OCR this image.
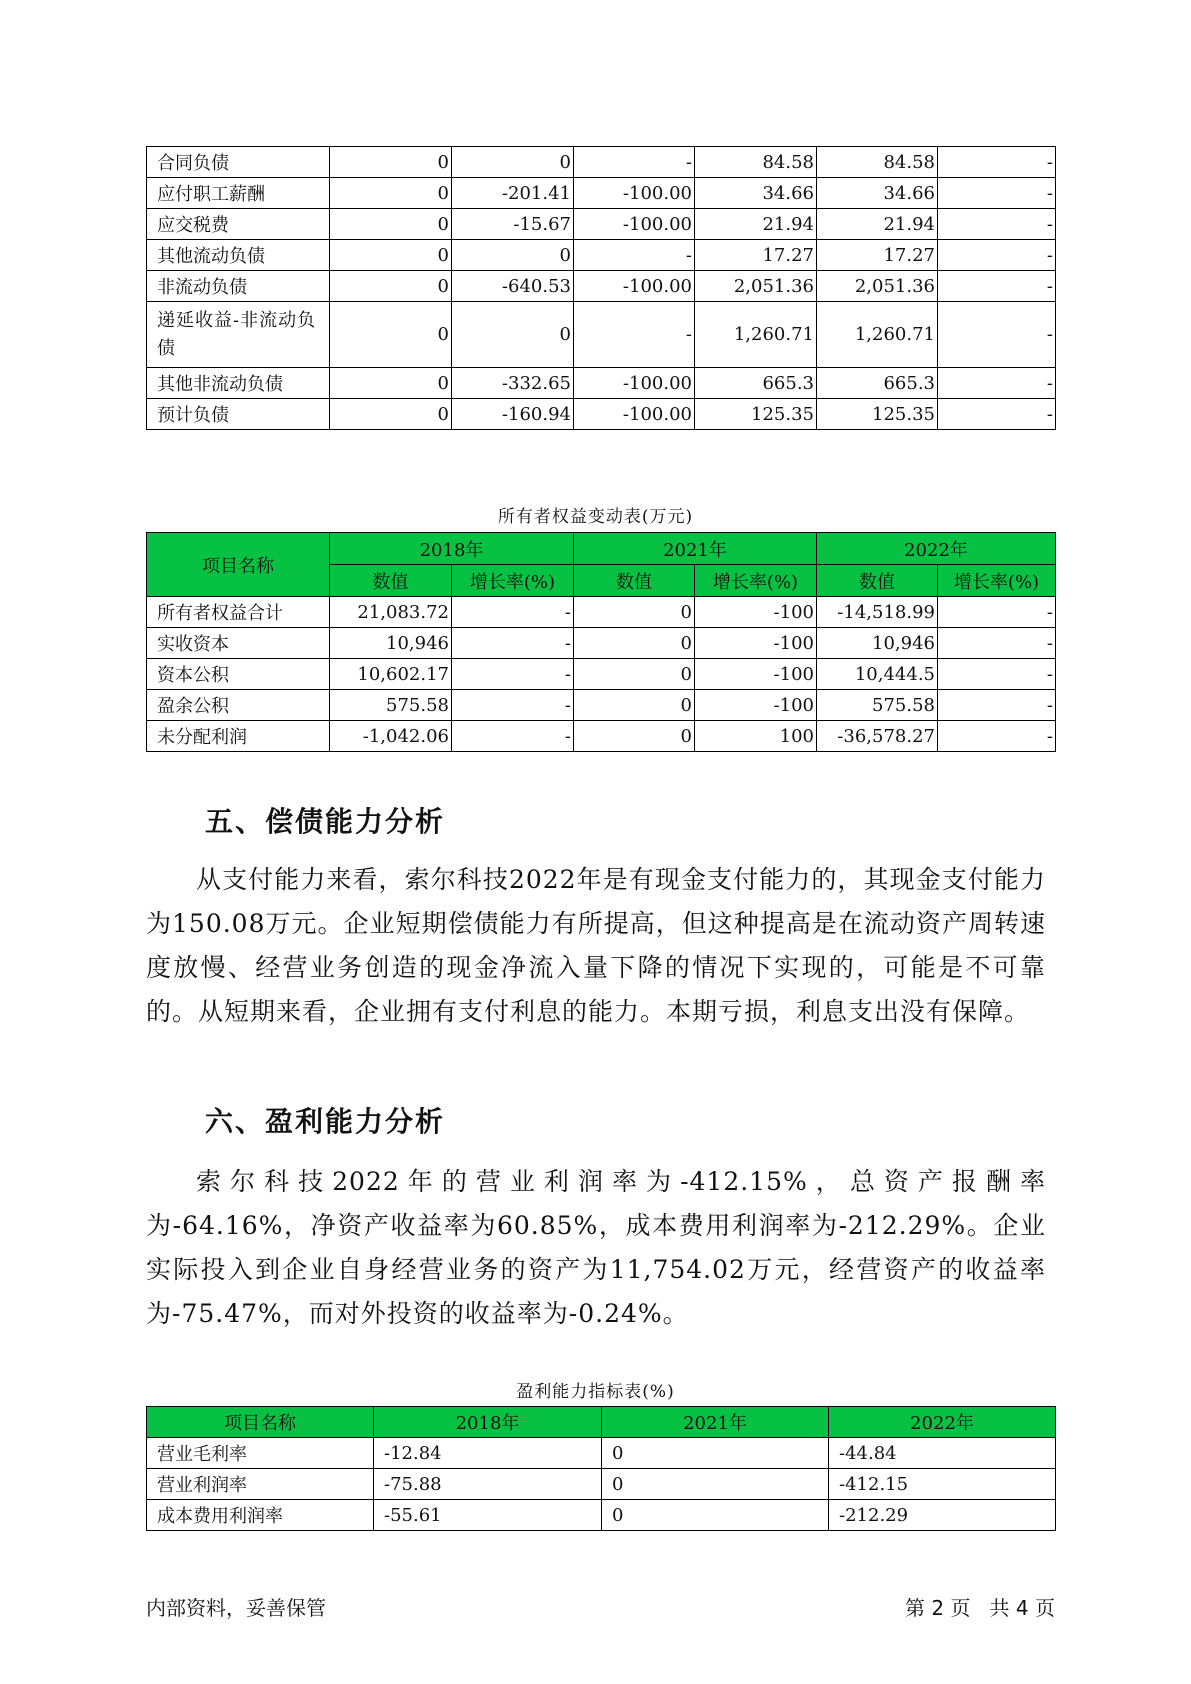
合同负债	0	0	-	84.58	84.58	-
应付职工薪酬	0	-201.41	-100.00	34.66	34.66	-
应交税费	0	-15.67	-100.00	21.94	21.94	-
其他流动负债	0	0	-	17.27	17.27	-
非流动负债	0	-640.53	-100.00	2,051.36	2,051.36	-
递延收益-非流动负债	0	0	-	1,260.71	1,260.71	-
其他非流动负债	0	-332.65	-100.00	665.3	665.3	-
预计负债	0	-160.94	-100.00	125.35	125.35	-
所有者权益变动表(万元)
项目名称	2018年		2021年		2022年	
	数值	增长率(%)	数值	增长率(%)	数值	增长率(%)
所有者权益合计	21,083.72	-	0	-100	-14,518.99	-
实收资本	10,946	-	0	-100	10,946	-
资本公积	10,602.17	-	0	-100	10,444.5	-
盈余公积	575.58	-	0	-100	575.58	-
未分配利润	-1,042.06	-	0	100	-36,578.27	-
五、偿债能力分析
从支付能力来看，索尔科技2022年是有现金支付能力的，其现金支付能力为150.08万元。企业短期偿债能力有所提高，但这种提高是在流动资产周转速度放慢、经营业务创造的现金净流入量下降的情况下实现的，可能是不可靠的。从短期来看，企业拥有支付利息的能力。本期亏损，利息支出没有保障。
六、盈利能力分析
索尔科技2022年的营业利润率为-412.15%，总资产报酬率为-64.16%，净资产收益率为60.85%，成本费用利润率为-212.29%。企业实际投入到企业自身经营业务的资产为11,754.02万元，经营资产的收益率为-75.47%，而对外投资的收益率为-0.24%。
盈利能力指标表(%)
项目名称	2018年	2021年	2022年
营业毛利率	-12.84	0	-44.84
营业利润率	-75.88	0	-412.15
成本费用利润率	-55.61	0	-212.29
内部资料，妥善保管	第 2 页   共 4 页
